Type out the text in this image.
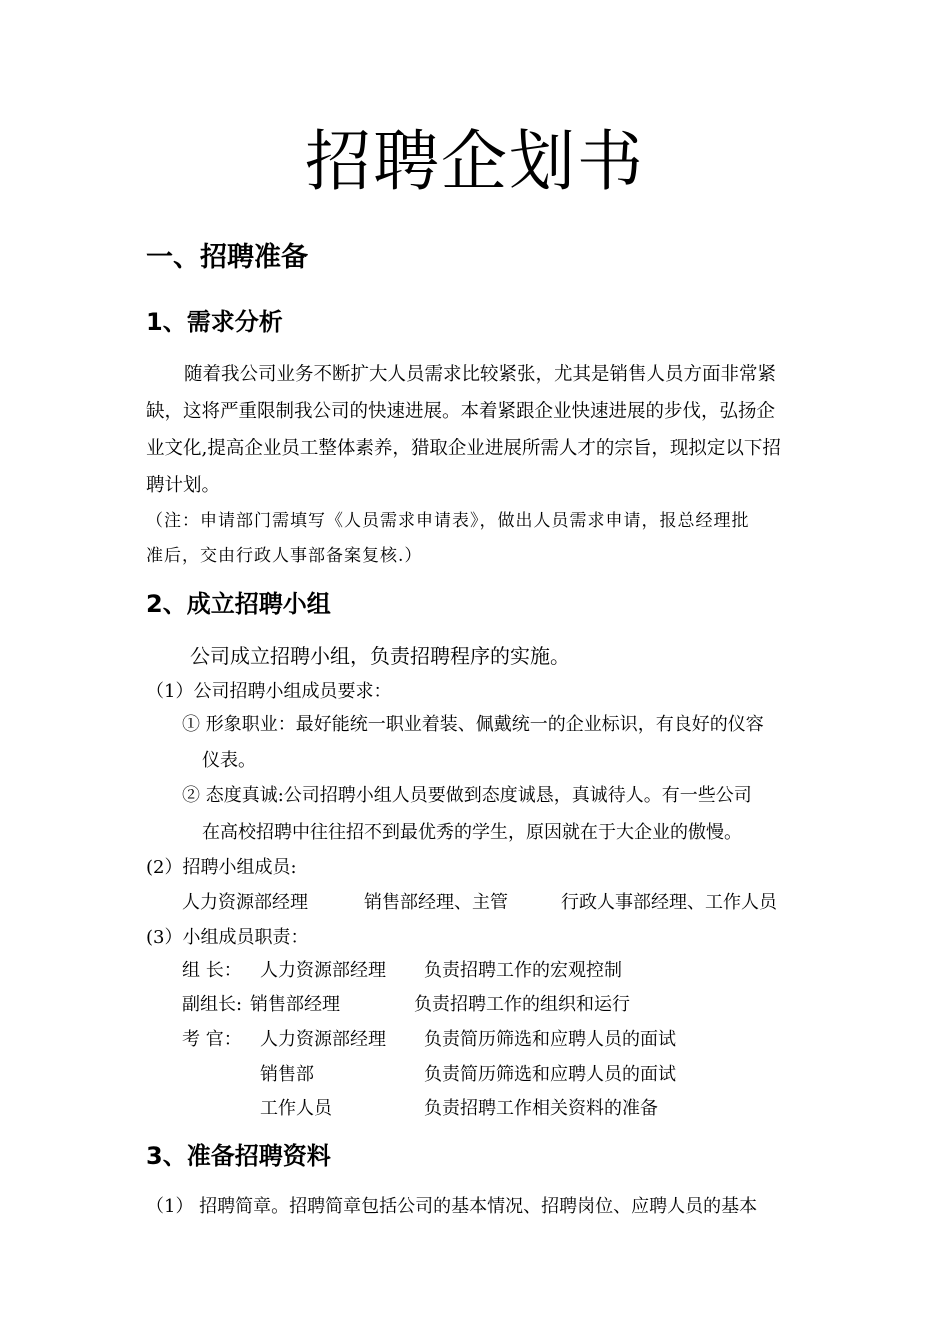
招聘企划书
一、招聘准备
1、需求分析
随着我公司业务不断扩大人员需求比较紧张，尤其是销售人员方面非常紧
缺，这将严重限制我公司的快速进展。本着紧跟企业快速进展的步伐，弘扬企
业文化,提高企业员工整体素养，猎取企业进展所需人才的宗旨，现拟定以下招
聘计划。
（注：申请部门需填写《人员需求申请表》，做出人员需求申请，报总经理批
准后，交由行政人事部备案复核.）
2、成立招聘小组
公司成立招聘小组，负责招聘程序的实施。
（1）公司招聘小组成员要求：
① 形象职业：最好能统一职业着装、佩戴统一的企业标识，有良好的仪容
仪表。
② 态度真诚:公司招聘小组人员要做到态度诚恳，真诚待人。有一些公司
在高校招聘中往往招不到最优秀的学生，原因就在于大企业的傲慢。
(2）招聘小组成员:
人力资源部经理	销售部经理、主管	行政人事部经理、工作人员
(3）小组成员职责：
组 长： 人力资源部经理 负责招聘工作的宏观控制
副组长: 销售部经理	负责招聘工作的组织和运行
考 官： 人力资源部经理 负责简历筛选和应聘人员的面试
销售部	负责简历筛选和应聘人员的面试
工作人员	负责招聘工作相关资料的准备
3、准备招聘资料
（1） 招聘简章。招聘简章包括公司的基本情况、招聘岗位、应聘人员的基本
